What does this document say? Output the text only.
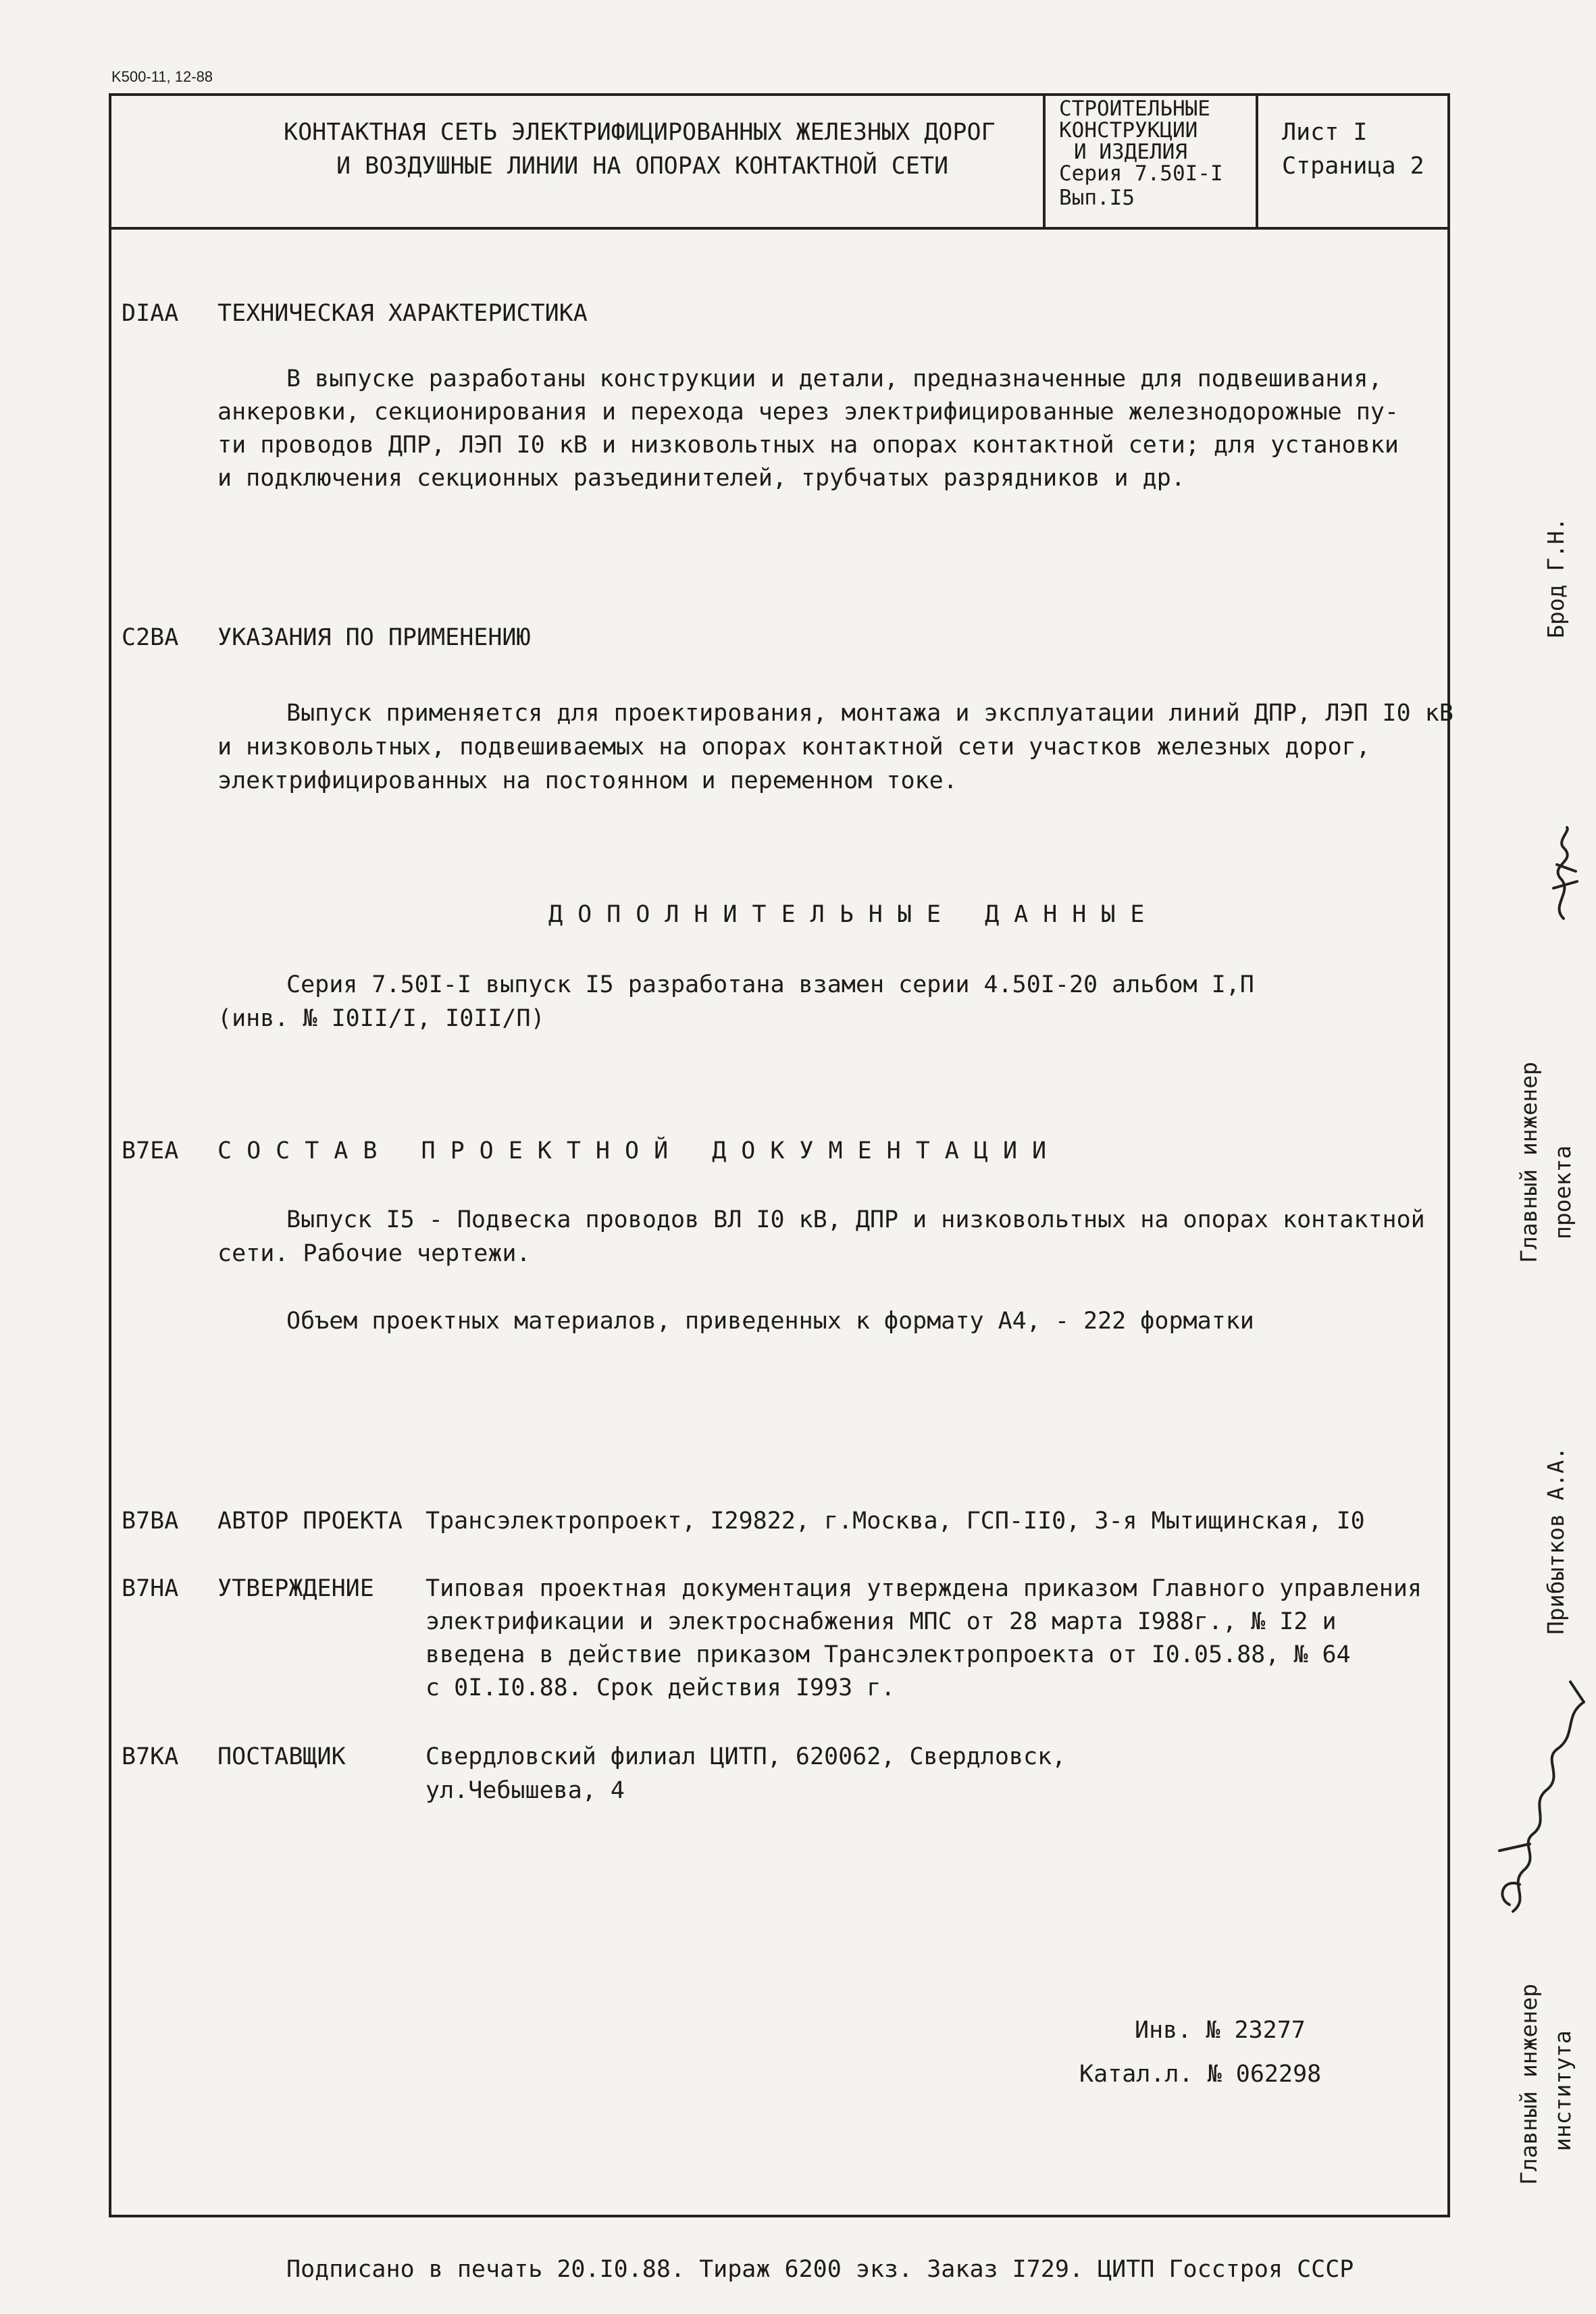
K500-11, 12-88
КОНТАКТНАЯ СЕТЬ ЭЛЕКТРИФИЦИРОВАННЫХ ЖЕЛЕЗНЫХ ДОРОГ
И ВОЗДУШНЫЕ ЛИНИИ НА ОПОРАХ КОНТАКТНОЙ СЕТИ
СТРОИТЕЛЬНЫЕ
КОНСТРУКЦИИ
И ИЗДЕЛИЯ
Серия 7.50I-I
Вып.I5
Лист I
Страница 2
DIAA ТЕХНИЧЕСКАЯ ХАРАКТЕРИСТИКА
В выпуске разработаны конструкции и детали, предназначенные для подвешивания,
анкеровки, секционирования и перехода через электрифицированные железнодорожные пу-
ти проводов ДПР, ЛЭП I0 кВ и низковольтных на опорах контактной сети; для установки
и подключения секционных разъединителей, трубчатых разрядников и др.
C2BA УКАЗАНИЯ ПО ПРИМЕНЕНИЮ
Выпуск применяется для проектирования, монтажа и эксплуатации линий ДПР, ЛЭП I0 кВ
и низковольтных, подвешиваемых на опорах контактной сети участков железных дорог,
электрифицированных на постоянном и переменном токе.
ДОПОЛНИТЕЛЬНЫЕ ДАННЫЕ
Серия 7.50I-I выпуск I5 разработана взамен серии 4.50I-20 альбом I,П
(инв. № I0II/I, I0II/П)
B7EA СОСТАВ ПРОЕКТНОЙ ДОКУМЕНТАЦИИ
Выпуск I5 - Подвеска проводов ВЛ I0 кВ, ДПР и низковольтных на опорах контактной
сети. Рабочие чертежи.
Объем проектных материалов, приведенных к формату А4, - 222 форматки
B7BA АВТОР ПРОЕКТА Трансэлектропроект, I29822, г.Москва, ГСП-II0, 3-я Мытищинская, I0
B7HA УТВЕРЖДЕНИЕ Типовая проектная документация утверждена приказом Главного управления
электрификации и электроснабжения МПС от 28 марта I988г., № I2 и
введена в действие приказом Трансэлектропроекта от I0.05.88, № 64
с 0I.I0.88. Срок действия I993 г.
B7KA ПОСТАВЩИК	Свердловский филиал ЦИТП, 620062, Свердловск,
ул.Чебышева, 4
Инв. № 23277
Катал.л. № 062298
Подписано в печать 20.I0.88. Тираж 6200 экз. Заказ I729. ЦИТП Госстроя СССР
Брод Г.Н.
Главный инженер проекта
Прибытков А.А.
Главный инженер института
